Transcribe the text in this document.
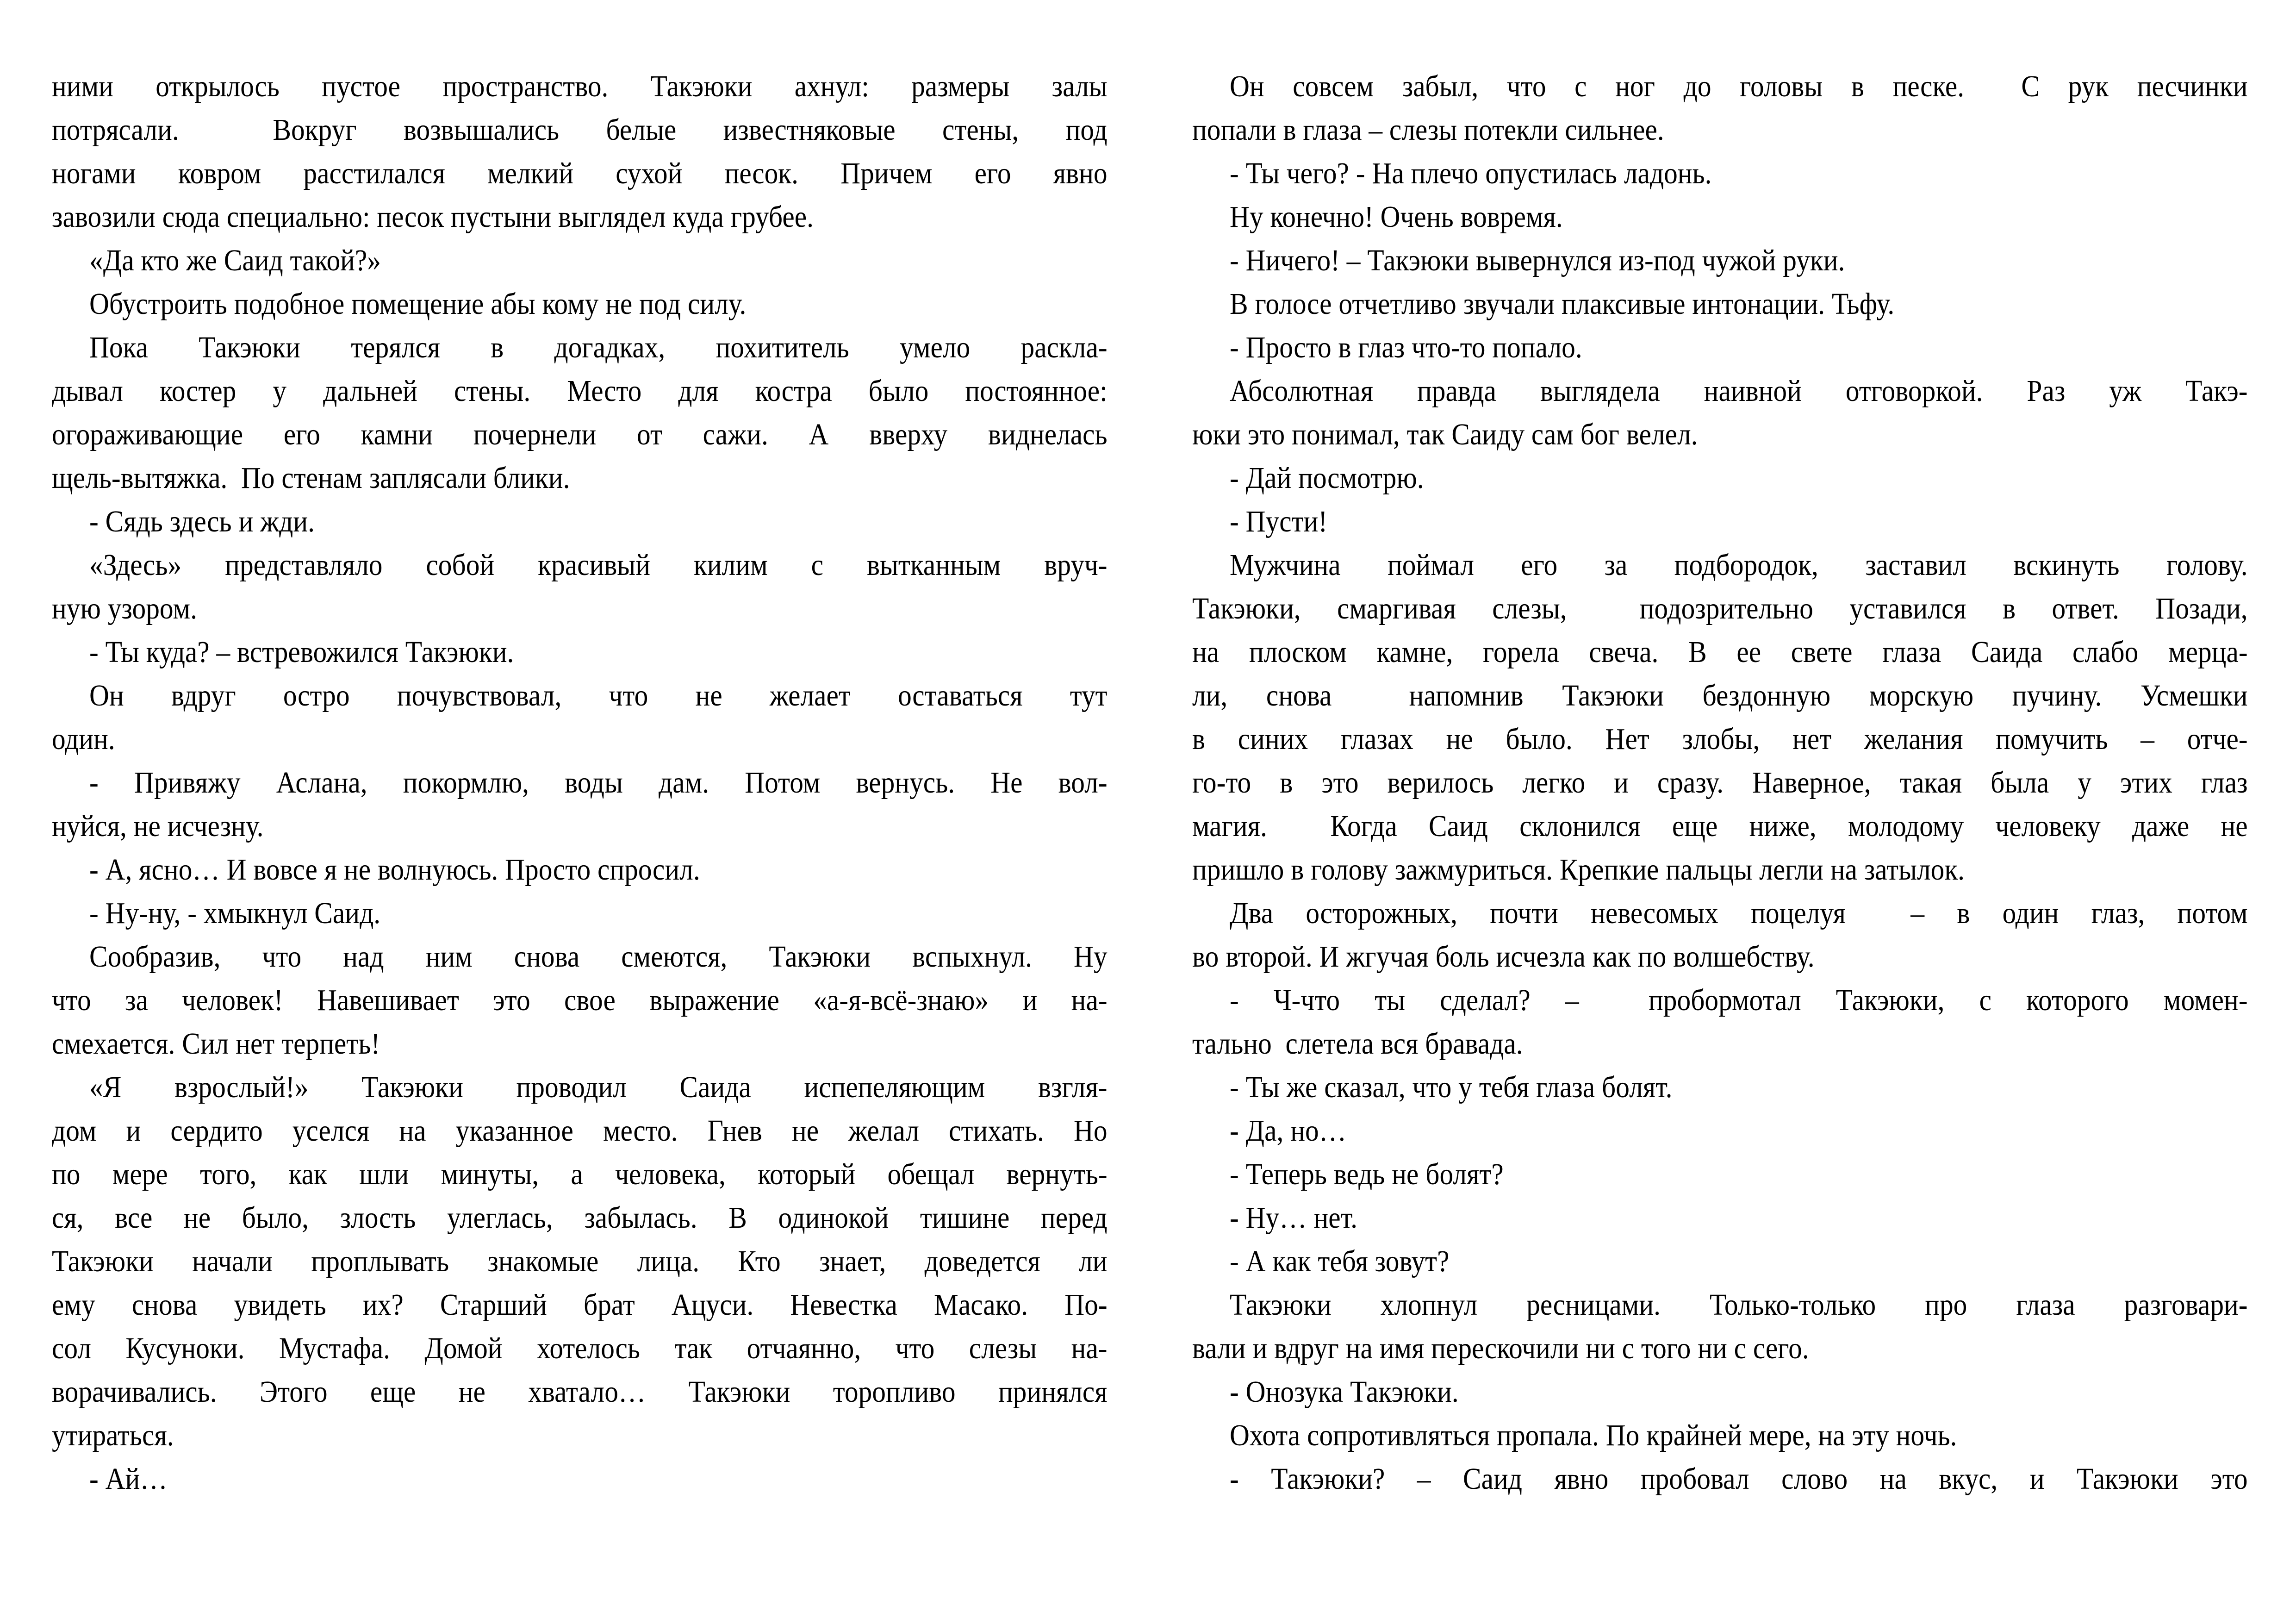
ними открылось пустое пространство. Такэюки ахнул: размеры залы
потрясали.  Вокруг возвышались белые известняковые стены, под
ногами ковром расстилался мелкий сухой песок. Причем его явно
завозили сюда специально: песок пустыни выглядел куда грубее.
«Да кто же Саид такой?»
Обустроить подобное помещение абы кому не под силу.
Пока Такэюки терялся в догадках, похититель умело раскла-
дывал костер у дальней стены. Место для костра было постоянное:
огораживающие его камни почернели от сажи. А вверху виднелась
щель-вытяжка.  По стенам заплясали блики.
- Сядь здесь и жди.
«Здесь» представляло собой красивый килим с вытканным вруч-
ную узором.
- Ты куда? – встревожился Такэюки.
Он вдруг остро почувствовал, что не желает оставаться тут
один.
- Привяжу Аслана, покормлю, воды дам. Потом вернусь. Не вол-
нуйся, не исчезну.
- А, ясно… И вовсе я не волнуюсь. Просто спросил.
- Ну-ну, - хмыкнул Саид.
Сообразив, что над ним снова смеются, Такэюки вспыхнул. Ну
что за человек! Навешивает это свое выражение «а-я-всё-знаю» и на-
смехается. Сил нет терпеть!
«Я взрослый!» Такэюки проводил Саида испепеляющим взгля-
дом и сердито уселся на указанное место. Гнев не желал стихать. Но
по мере того, как шли минуты, а человека, который обещал вернуть-
ся, все не было, злость улеглась, забылась. В одинокой тишине перед
Такэюки начали проплывать знакомые лица. Кто знает, доведется ли
ему снова увидеть их? Старший брат Ацуси. Невестка Масако. По-
сол Кусуноки. Мустафа. Домой хотелось так отчаянно, что слезы на-
ворачивались. Этого еще не хватало… Такэюки торопливо принялся
утираться.
- Ай…
Он совсем забыл, что с ног до головы в песке.  С рук песчинки
попали в глаза – слезы потекли сильнее.
- Ты чего? - На плечо опустилась ладонь.
Ну конечно! Очень вовремя.
- Ничего! – Такэюки вывернулся из-под чужой руки.
В голосе отчетливо звучали плаксивые интонации. Тьфу.
- Просто в глаз что-то попало.
Абсолютная правда выглядела наивной отговоркой. Раз уж Такэ-
юки это понимал, так Саиду сам бог велел.
- Дай посмотрю.
- Пусти!
Мужчина поймал его за подбородок, заставил вскинуть голову.
Такэюки, смаргивая слезы,  подозрительно уставился в ответ. Позади,
на плоском камне, горела свеча. В ее свете глаза Саида слабо мерца-
ли, снова  напомнив Такэюки бездонную морскую пучину. Усмешки
в синих глазах не было. Нет злобы, нет желания помучить – отче-
го-то в это верилось легко и сразу. Наверное, такая была у этих глаз
магия.  Когда Саид склонился еще ниже, молодому человеку даже не
пришло в голову зажмуриться. Крепкие пальцы легли на затылок.
Два осторожных, почти невесомых поцелуя  – в один глаз, потом
во второй. И жгучая боль исчезла как по волшебству.
- Ч-что ты сделал? –  пробормотал Такэюки, с которого момен-
тально  слетела вся бравада.
- Ты же сказал, что у тебя глаза болят.
- Да, но…
- Теперь ведь не болят?
- Ну… нет.
- А как тебя зовут?
Такэюки хлопнул ресницами. Только-только про глаза разговари-
вали и вдруг на имя перескочили ни с того ни с сего.
- Онозука Такэюки.
Охота сопротивляться пропала. По крайней мере, на эту ночь.
- Такэюки? – Саид явно пробовал слово на вкус, и Такэюки это
